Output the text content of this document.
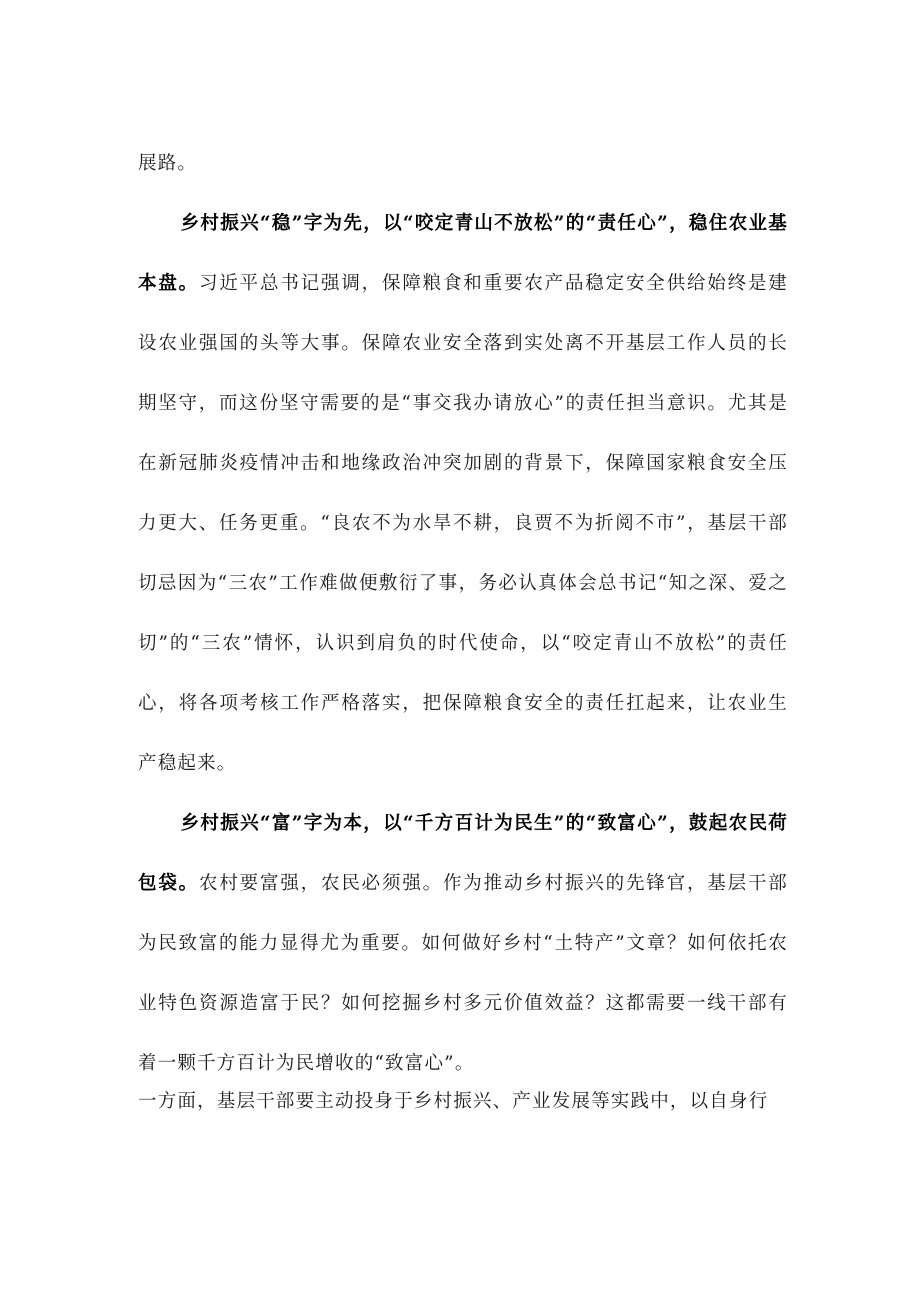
展路。

乡村振兴“稳”字为先，以“咬定青山不放松”的“责任心”，稳住农业基本盘。习近平总书记强调，保障粮食和重要农产品稳定安全供给始终是建设农业强国的头等大事。保障农业安全落到实处离不开基层工作人员的长期坚守，而这份坚守需要的是“事交我办请放心”的责任担当意识。尤其是在新冠肺炎疫情冲击和地缘政治冲突加剧的背景下，保障国家粮食安全压力更大、任务更重。“良农不为水旱不耕，良贾不为折阅不市”，基层干部切忌因为“三农”工作难做便敷衍了事，务必认真体会总书记“知之深、爱之切”的“三农”情怀，认识到肩负的时代使命，以“咬定青山不放松”的责任心，将各项考核工作严格落实，把保障粮食安全的责任扛起来，让农业生产稳起来。

乡村振兴“富”字为本，以“千方百计为民生”的“致富心”，鼓起农民荷包袋。农村要富强，农民必须强。作为推动乡村振兴的先锋官，基层干部为民致富的能力显得尤为重要。如何做好乡村“土特产”文章？如何依托农业特色资源造富于民？如何挖掘乡村多元价值效益？这都需要一线干部有着一颗千方百计为民增收的“致富心”。

一方面，基层干部要主动投身于乡村振兴、产业发展等实践中，以自身行
